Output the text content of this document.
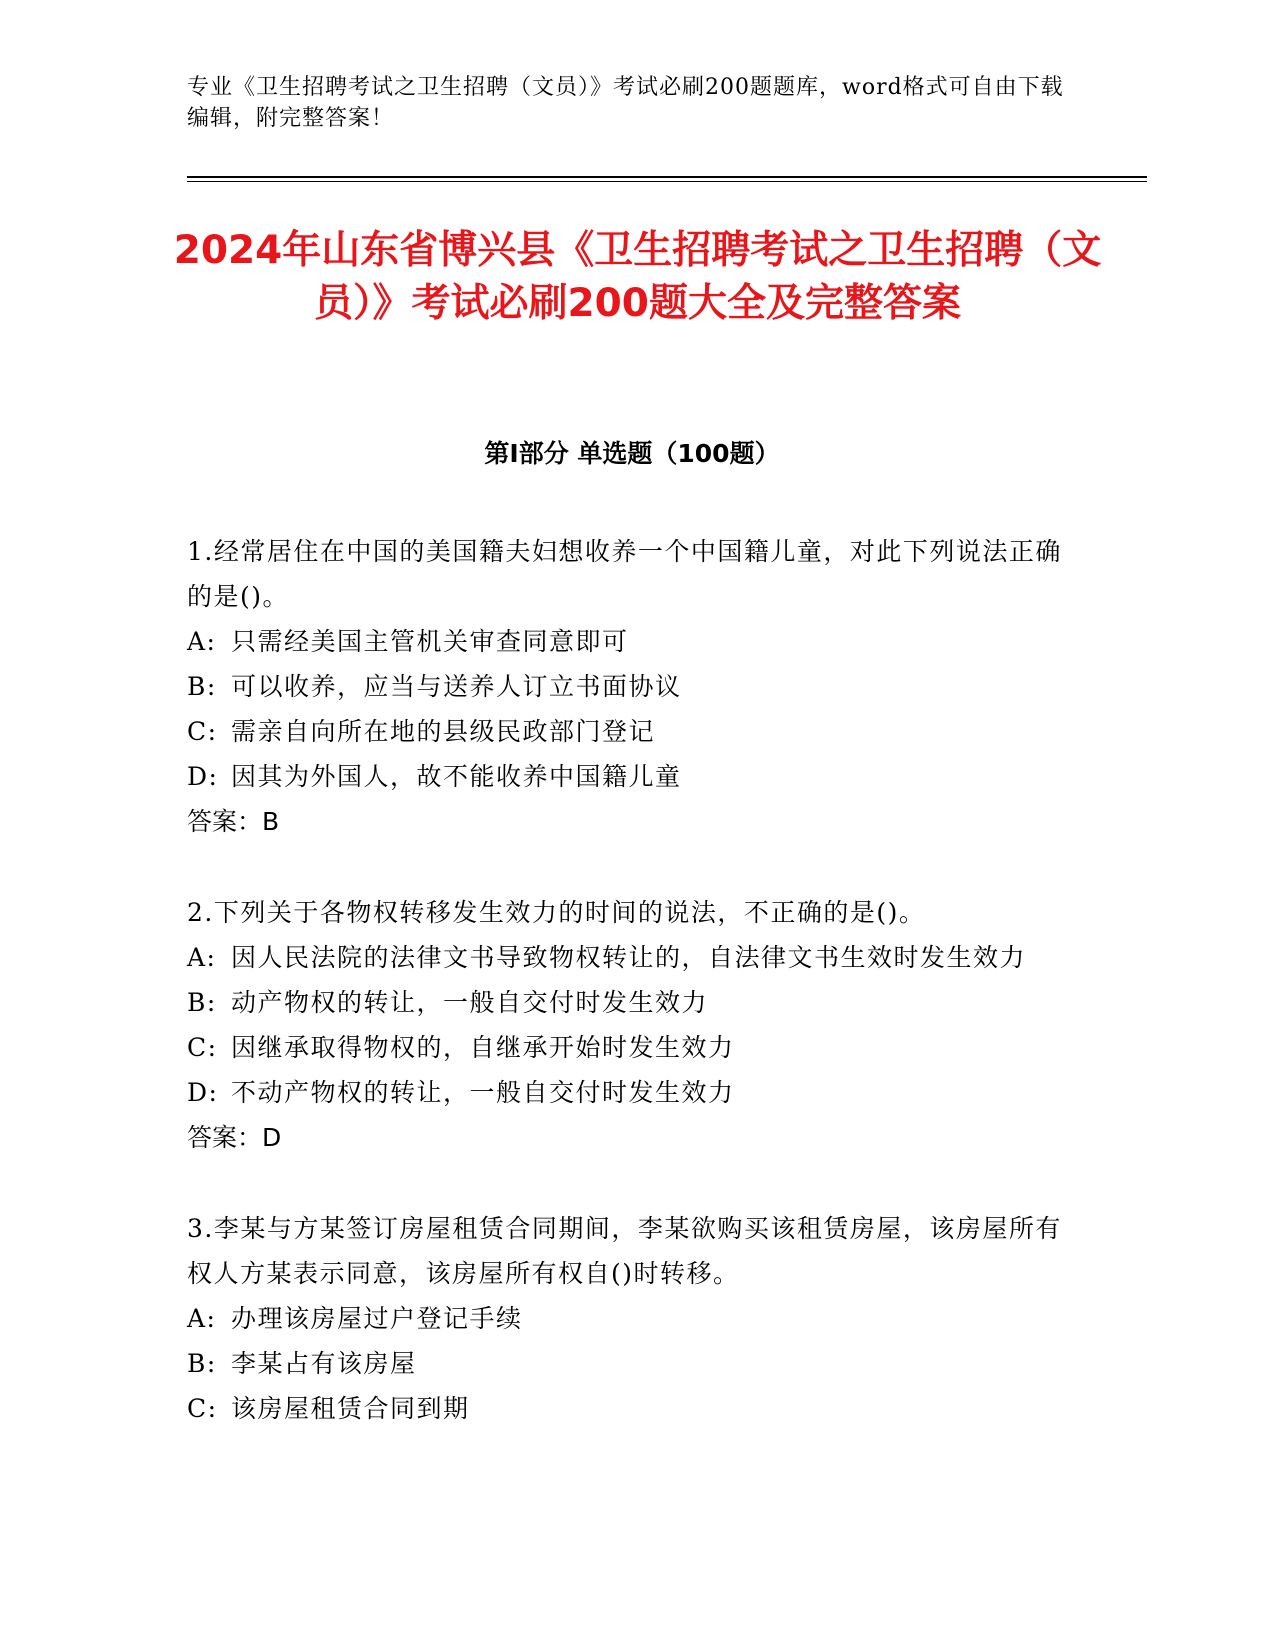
专业《卫生招聘考试之卫生招聘（文员）》考试必刷200题题库，word格式可自由下载编辑，附完整答案！

2024年山东省博兴县《卫生招聘考试之卫生招聘（文员）》考试必刷200题大全及完整答案
第I部分 单选题（100题）

1.经常居住在中国的美国籍夫妇想收养一个中国籍儿童，对此下列说法正确的是()。

A: 只需经美国主管机关审查同意即可

B: 可以收养，应当与送养人订立书面协议

C: 需亲自向所在地的县级民政部门登记

D: 因其为外国人，故不能收养中国籍儿童

答案：B

2.下列关于各物权转移发生效力的时间的说法，不正确的是()。

A: 因人民法院的法律文书导致物权转让的，自法律文书生效时发生效力

B: 动产物权的转让，一般自交付时发生效力

C: 因继承取得物权的，自继承开始时发生效力

D: 不动产物权的转让，一般自交付时发生效力

答案：D

3.李某与方某签订房屋租赁合同期间，李某欲购买该租赁房屋，该房屋所有权人方某表示同意，该房屋所有权自()时转移。

A: 办理该房屋过户登记手续

B: 李某占有该房屋

C: 该房屋租赁合同到期
